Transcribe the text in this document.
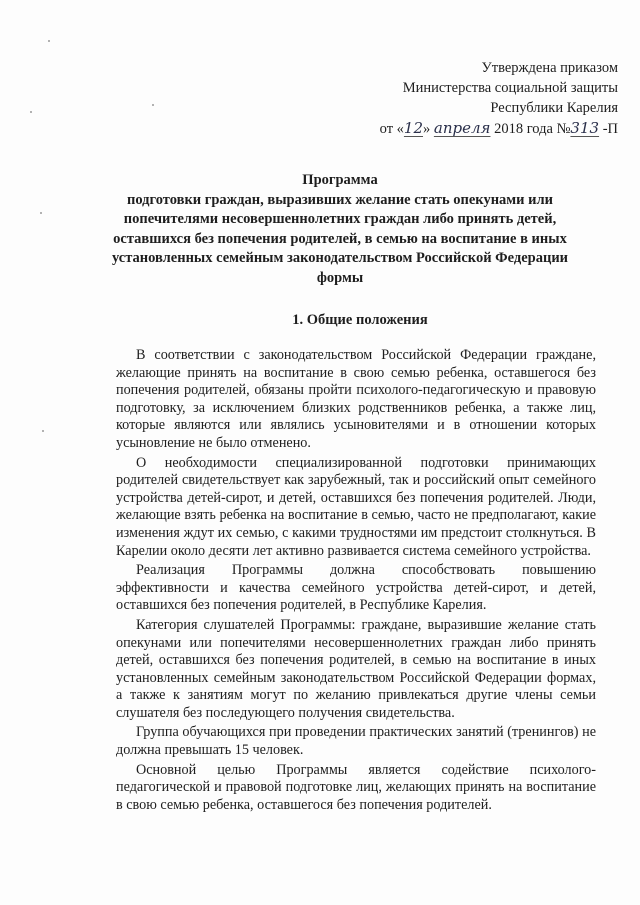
Утверждена приказом
Министерства социальной защиты
Республики Карелия
от «12» апреля 2018 года №313 -П
Программа
подготовки граждан, выразивших желание стать опекунами или
попечителями несовершеннолетних граждан либо принять детей,
оставшихся без попечения родителей, в семью на воспитание в иных
установленных семейным законодательством Российской Федерации
формы
1. Общие положения

В соответствии с законодательством Российской Федерации граждане, желающие принять на воспитание в свою семью ребенка, оставшегося без попечения родителей, обязаны пройти психолого-педагогическую и правовую подготовку, за исключением близких родственников ребенка, а также лиц, которые являются или являлись усыновителями и в отношении которых усыновление не было отменено.

О необходимости специализированной подготовки принимающих родителей свидетельствует как зарубежный, так и российский опыт семейного устройства детей-сирот, и детей, оставшихся без попечения родителей. Люди, желающие взять ребенка на воспитание в семью, часто не предполагают, какие изменения ждут их семью, с какими трудностями им предстоит столкнуться. В Карелии около десяти лет активно развивается система семейного устройства.

Реализация Программы должна способствовать повышению эффективности и качества семейного устройства детей-сирот, и детей, оставшихся без попечения родителей, в Республике Карелия.

Категория слушателей Программы: граждане, выразившие желание стать опекунами или попечителями несовершеннолетних граждан либо принять детей, оставшихся без попечения родителей, в семью на воспитание в иных установленных семейным законодательством Российской Федерации формах, а также к занятиям могут по желанию привлекаться другие члены семьи слушателя без последующего получения свидетельства.

Группа обучающихся при проведении практических занятий (тренингов) не должна превышать 15 человек.

Основной целью Программы является содействие психолого-педагогической и правовой подготовке лиц, желающих принять на воспитание в свою семью ребенка, оставшегося без попечения родителей.
